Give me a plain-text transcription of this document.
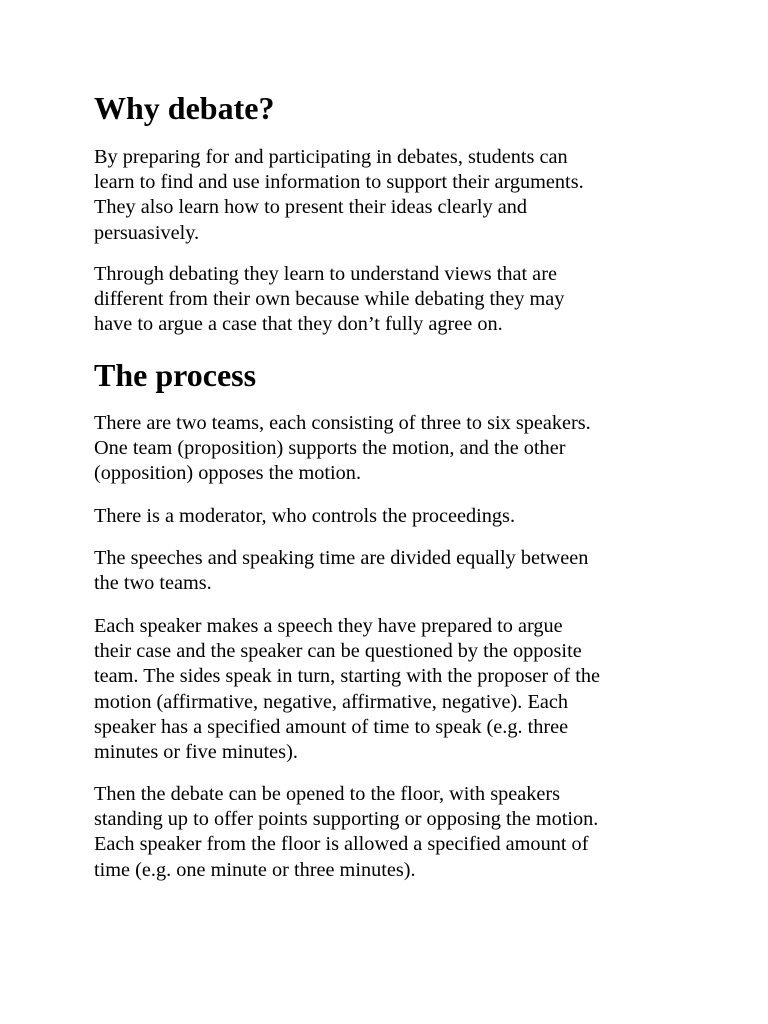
Why debate?

By preparing for and participating in debates, students can
learn to find and use information to support their arguments.
They also learn how to present their ideas clearly and
persuasively.

Through debating they learn to understand views that are
different from their own because while debating they may
have to argue a case that they don’t fully agree on.

The process

There are two teams, each consisting of three to six speakers.
One team (proposition) supports the motion, and the other
(opposition) opposes the motion.

There is a moderator, who controls the proceedings.

The speeches and speaking time are divided equally between
the two teams.

Each speaker makes a speech they have prepared to argue
their case and the speaker can be questioned by the opposite
team. The sides speak in turn, starting with the proposer of the
motion (affirmative, negative, affirmative, negative). Each
speaker has a specified amount of time to speak (e.g. three
minutes or five minutes).

Then the debate can be opened to the floor, with speakers
standing up to offer points supporting or opposing the motion.
Each speaker from the floor is allowed a specified amount of
time (e.g. one minute or three minutes).
